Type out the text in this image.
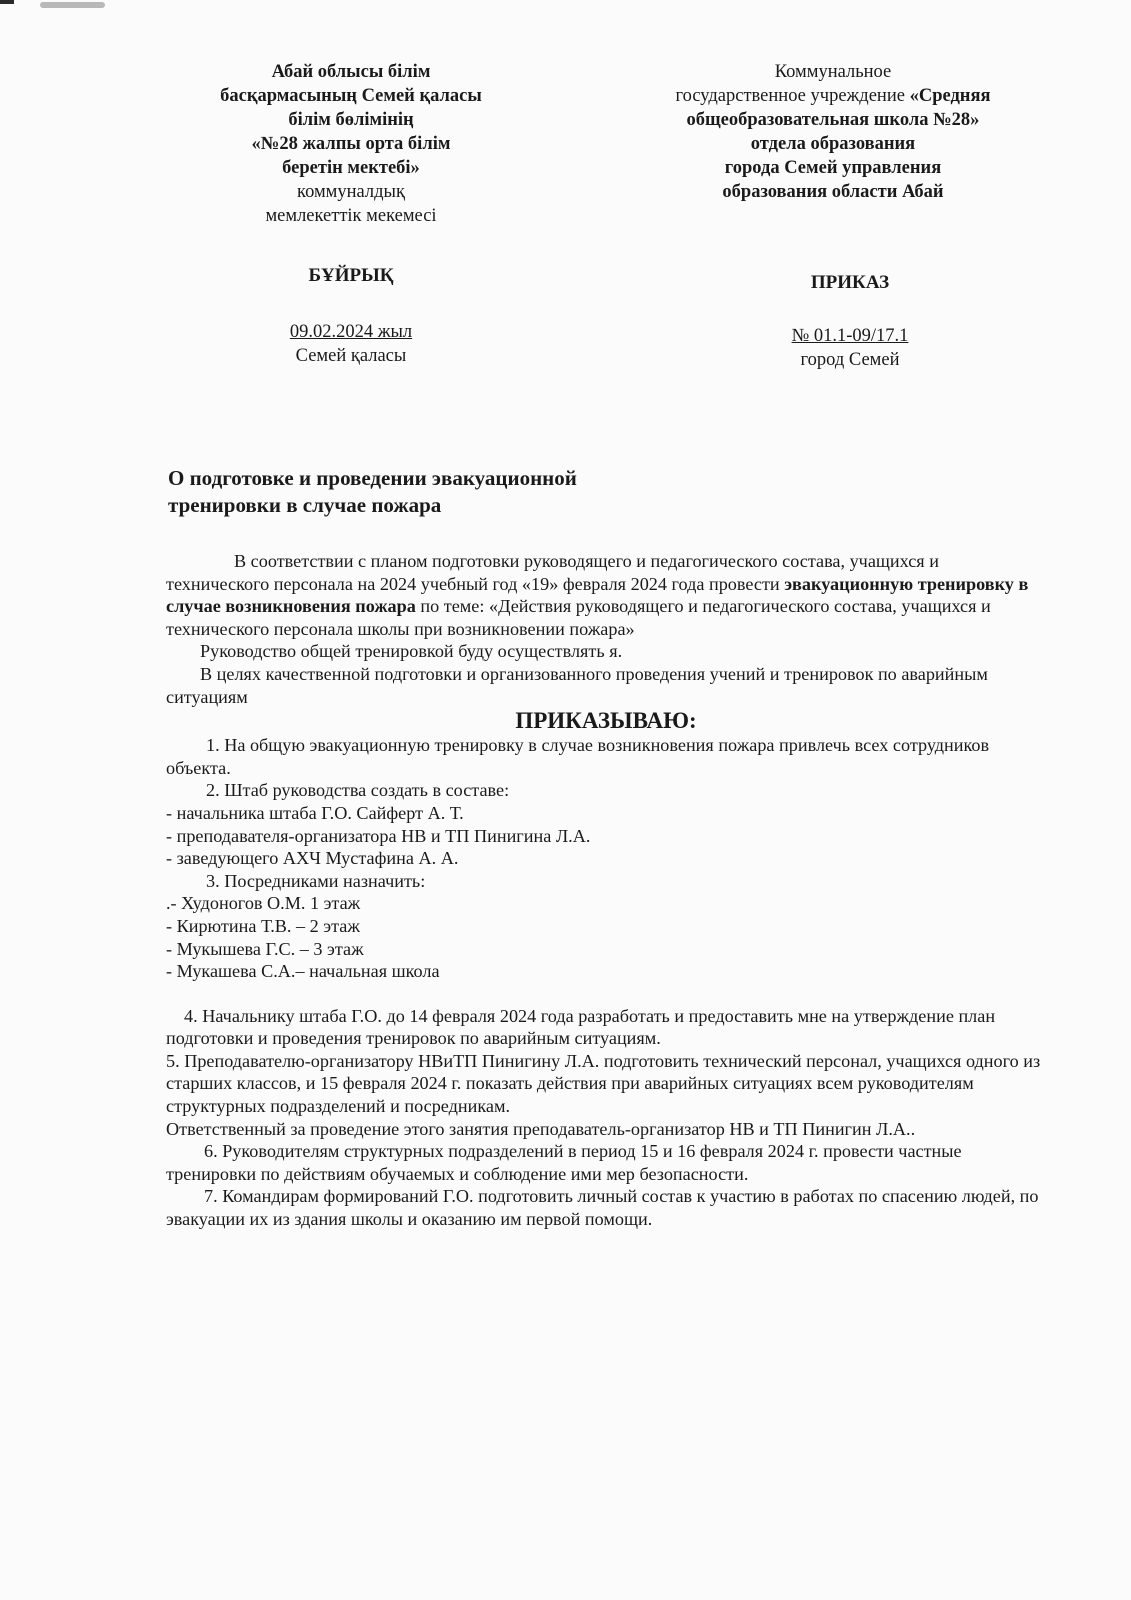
Абай облысы білім
басқармасының Семей қаласы
білім бөлімінің
«№28 жалпы орта білім
беретін мектебі»
коммуналдық
мемлекеттік мекемесі
Коммунальное
государственное учреждение «Средняя
общеобразовательная школа №28»
отдела образования
города Семей управления
образования области Абай
БҰЙРЫҚ	ПРИКАЗ
09.02.2024 жыл
Семей қаласы
№ 01.1-09/17.1
город Семей
О подготовке и проведении эвакуационной
тренировки в случае пожара

В соответствии с планом подготовки руководящего и педагогического состава, учащихся и технического персонала на 2024 учебный год «19» февраля 2024 года провести эвакуационную тренировку в случае возникновения пожара по теме: «Действия руководящего и педагогического состава, учащихся и технического персонала школы при возникновении пожара»

Руководство общей тренировкой буду осуществлять я.

В целях качественной подготовки и организованного проведения учений и тренировок по аварийным ситуациям

ПРИКАЗЫВАЮ:

1. На общую эвакуационную тренировку в случае возникновения пожара привлечь всех сотрудников объекта.

2. Штаб руководства создать в составе:

- начальника штаба Г.О. Сайферт А. Т.

- преподавателя-организатора НВ и ТП Пинигина Л.А.

- заведующего АХЧ Мустафина А. А.

3. Посредниками назначить:

.- Худоногов О.М. 1 этаж

- Кирютина Т.В. – 2 этаж

- Мукышева Г.С. – 3 этаж

- Мукашева С.А.– начальная школа

4. Начальнику штаба Г.О. до 14 февраля 2024 года разработать и предоставить мне на утверждение план подготовки и проведения тренировок по аварийным ситуациям.

5. Преподавателю-организатору НВиТП Пинигину Л.А. подготовить технический персонал, учащихся одного из старших классов, и 15 февраля 2024 г. показать действия при аварийных ситуациях всем руководителям структурных подразделений и посредникам.

Ответственный за проведение этого занятия преподаватель-организатор НВ и ТП Пинигин Л.А..

6. Руководителям структурных подразделений в период 15 и 16 февраля 2024 г. провести частные тренировки по действиям обучаемых и соблюдение ими мер безопасности.

7. Командирам формирований Г.О. подготовить личный состав к участию в работах по спасению людей, по эвакуации их из здания школы и оказанию им первой помощи.
